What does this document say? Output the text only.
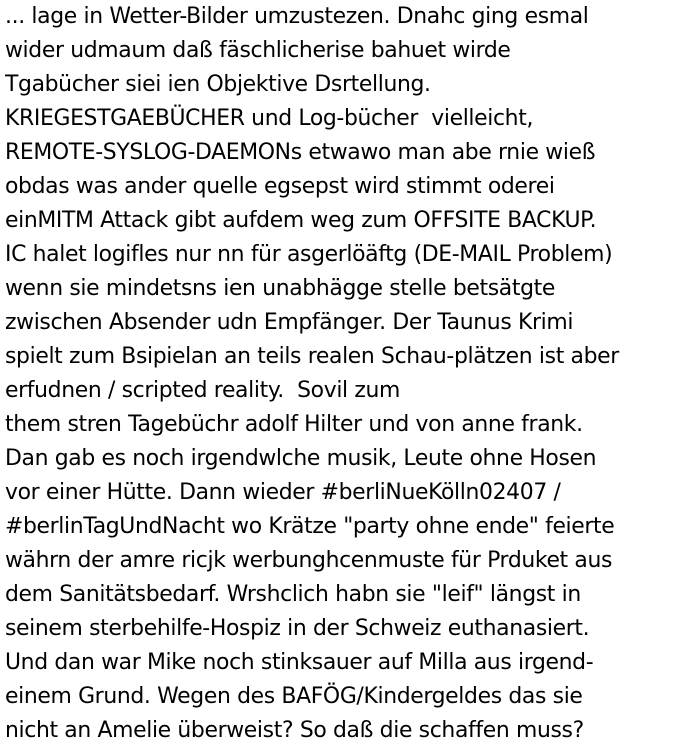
... lage in Wetter-Bilder umzustezen. Dnahc ging esmal
wider udmaum daß fäschlicherise bahuet wirde
Tgabücher siei ien Objektive Dsrtellung.
KRIEGESTGAEBÜCHER und Log-bücher  vielleicht,
REMOTE-SYSLOG-DAEMONs etwawo man abe rnie wieß
obdas was ander quelle egsepst wird stimmt oderei
einMITM Attack gibt aufdem weg zum OFFSITE BACKUP.
IC halet logifles nur nn für asgerlöäftg (DE-MAIL Problem)
wenn sie mindetsns ien unabhägge stelle betsätgte
zwischen Absender udn Empfänger. Der Taunus Krimi
spielt zum Bsipielan an teils realen Schau-plätzen ist aber
erfudnen / scripted reality.  Sovil zum
them stren Tagebüchr adolf Hilter und von anne frank.
Dan gab es noch irgendwlche musik, Leute ohne Hosen
vor einer Hütte. Dann wieder #berliNueKölln02407 /
#berlinTagUndNacht wo Krätze "party ohne ende" feierte
währn der amre ricjk werbunghcenmuste für Prduket aus
dem Sanitätsbedarf. Wrshclich habn sie "leif" längst in
seinem sterbehilfe-Hospiz in der Schweiz euthanasiert.
Und dan war Mike noch stinksauer auf Milla aus irgend-
einem Grund. Wegen des BAFÖG/Kindergeldes das sie
nicht an Amelie überweist? So daß die schaffen muss?
